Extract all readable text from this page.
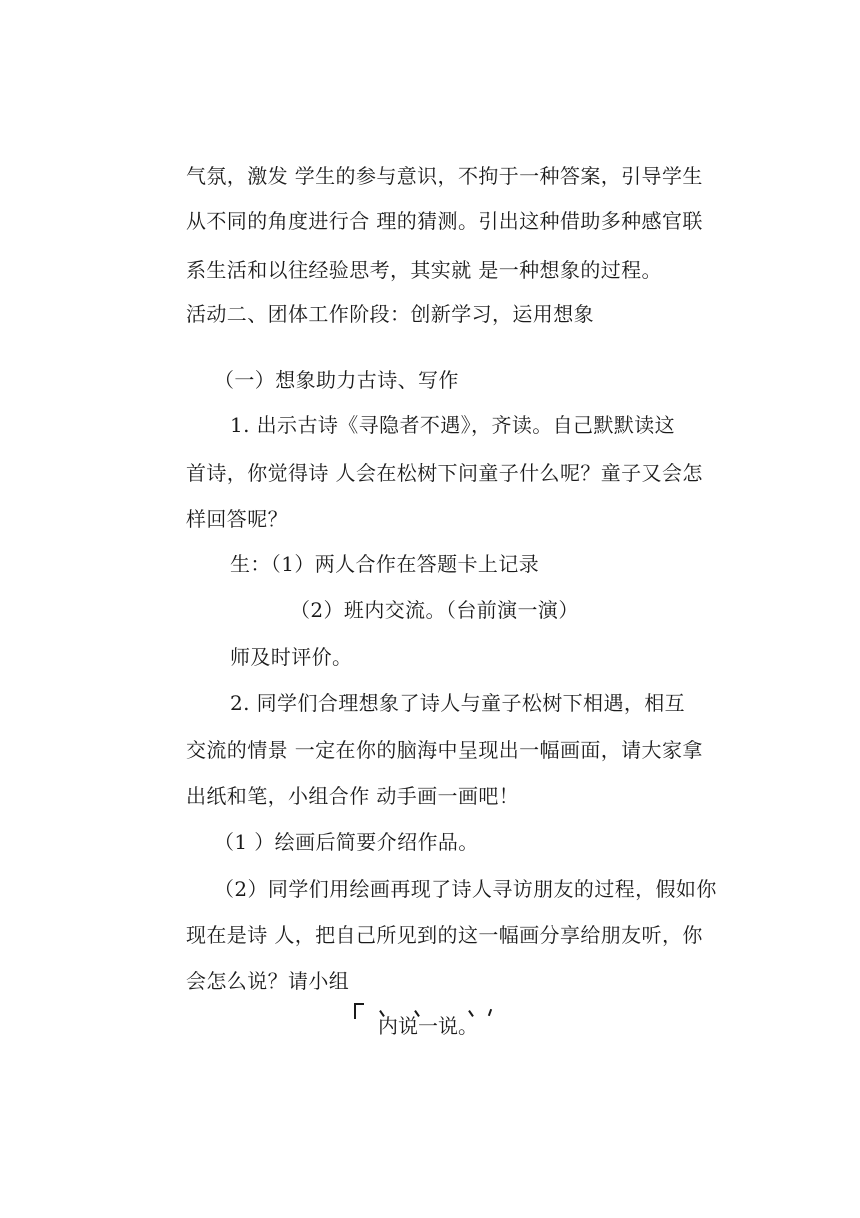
气氛，激发 学生的参与意识，不拘于一种答案，引导学生
从不同的角度进行合 理的猜测。引出这种借助多种感官联
系生活和以往经验思考，其实就 是一种想象的过程。
活动二、团体工作阶段：创新学习，运用想象
（一）想象助力古诗、写作
1. 出示古诗《寻隐者不遇》，齐读。自己默默读这
首诗，你觉得诗 人会在松树下问童子什么呢？童子又会怎
样回答呢？
生：（1）两人合作在答题卡上记录
（2）班内交流。（台前演一演）
师及时评价。
2. 同学们合理想象了诗人与童子松树下相遇，相互
交流的情景 一定在你的脑海中呈现出一幅画面，请大家拿
出纸和笔，小组合作 动手画一画吧！
（1 ）绘画后简要介绍作品。
（2）同学们用绘画再现了诗人寻访朋友的过程，假如你
现在是诗 人，把自己所见到的这一幅画分享给朋友听，你
会怎么说？请小组
内说一说。
